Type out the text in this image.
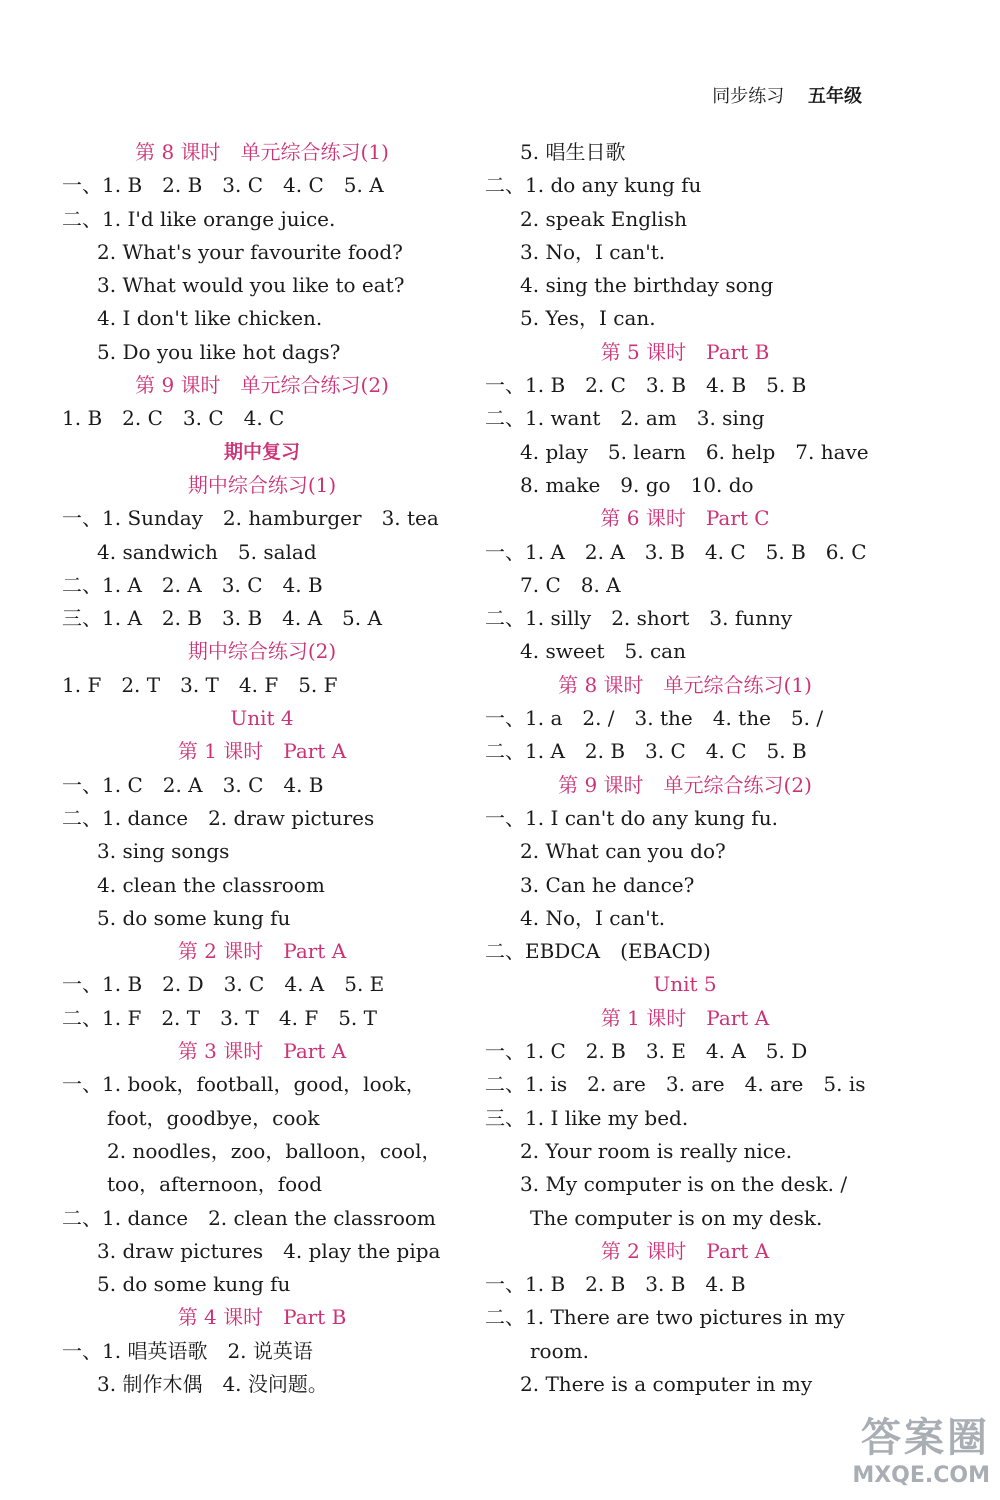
同步练习 五年级
第 8 课时　单元综合练习(1)
一、1. B　2. B　3. C　4. C　5. A
二、1. I'd like orange juice.
2. What's your favourite food?
3. What would you like to eat?
4. I don't like chicken.
5. Do you like hot dags?
第 9 课时　单元综合练习(2)
1. B　2. C　3. C　4. C
期中复习
期中综合练习(1)
一、1. Sunday　2. hamburger　3. tea
4. sandwich　5. salad
二、1. A　2. A　3. C　4. B
三、1. A　2. B　3. B　4. A　5. A
期中综合练习(2)
1. F　2. T　3. T　4. F　5. F
Unit 4
第 1 课时　Part A
一、1. C　2. A　3. C　4. B
二、1. dance　2. draw pictures
3. sing songs
4. clean the classroom
5. do some kung fu
第 2 课时　Part A
一、1. B　2. D　3. C　4. A　5. E
二、1. F　2. T　3. T　4. F　5. T
第 3 课时　Part A
一、1. book，football，good，look，
foot，goodbye，cook
2. noodles，zoo，balloon，cool，
too，afternoon，food
二、1. dance　2. clean the classroom
3. draw pictures　4. play the pipa
5. do some kung fu
第 4 课时　Part B
一、1. 唱英语歌　2. 说英语
3. 制作木偶　4. 没问题。
5. 唱生日歌
二、1. do any kung fu
2. speak English
3. No，I can't.
4. sing the birthday song
5. Yes，I can.
第 5 课时　Part B
一、1. B　2. C　3. B　4. B　5. B
二、1. want　2. am　3. sing
4. play　5. learn　6. help　7. have
8. make　9. go　10. do
第 6 课时　Part C
一、1. A　2. A　3. B　4. C　5. B　6. C
7. C　8. A
二、1. silly　2. short　3. funny
4. sweet　5. can
第 8 课时　单元综合练习(1)
一、1. a　2. /　3. the　4. the　5. /
二、1. A　2. B　3. C　4. C　5. B
第 9 课时　单元综合练习(2)
一、1. I can't do any kung fu.
2. What can you do?
3. Can he dance?
4. No，I can't.
二、EBDCA　(EBACD)
Unit 5
第 1 课时　Part A
一、1. C　2. B　3. E　4. A　5. D
二、1. is　2. are　3. are　4. are　5. is
三、1. I like my bed.
2. Your room is really nice.
3. My computer is on the desk. /
The computer is on my desk.
第 2 课时　Part A
一、1. B　2. B　3. B　4. B
二、1. There are two pictures in my
room.
2. There is a computer in my
答案圈
MXQE.COM
